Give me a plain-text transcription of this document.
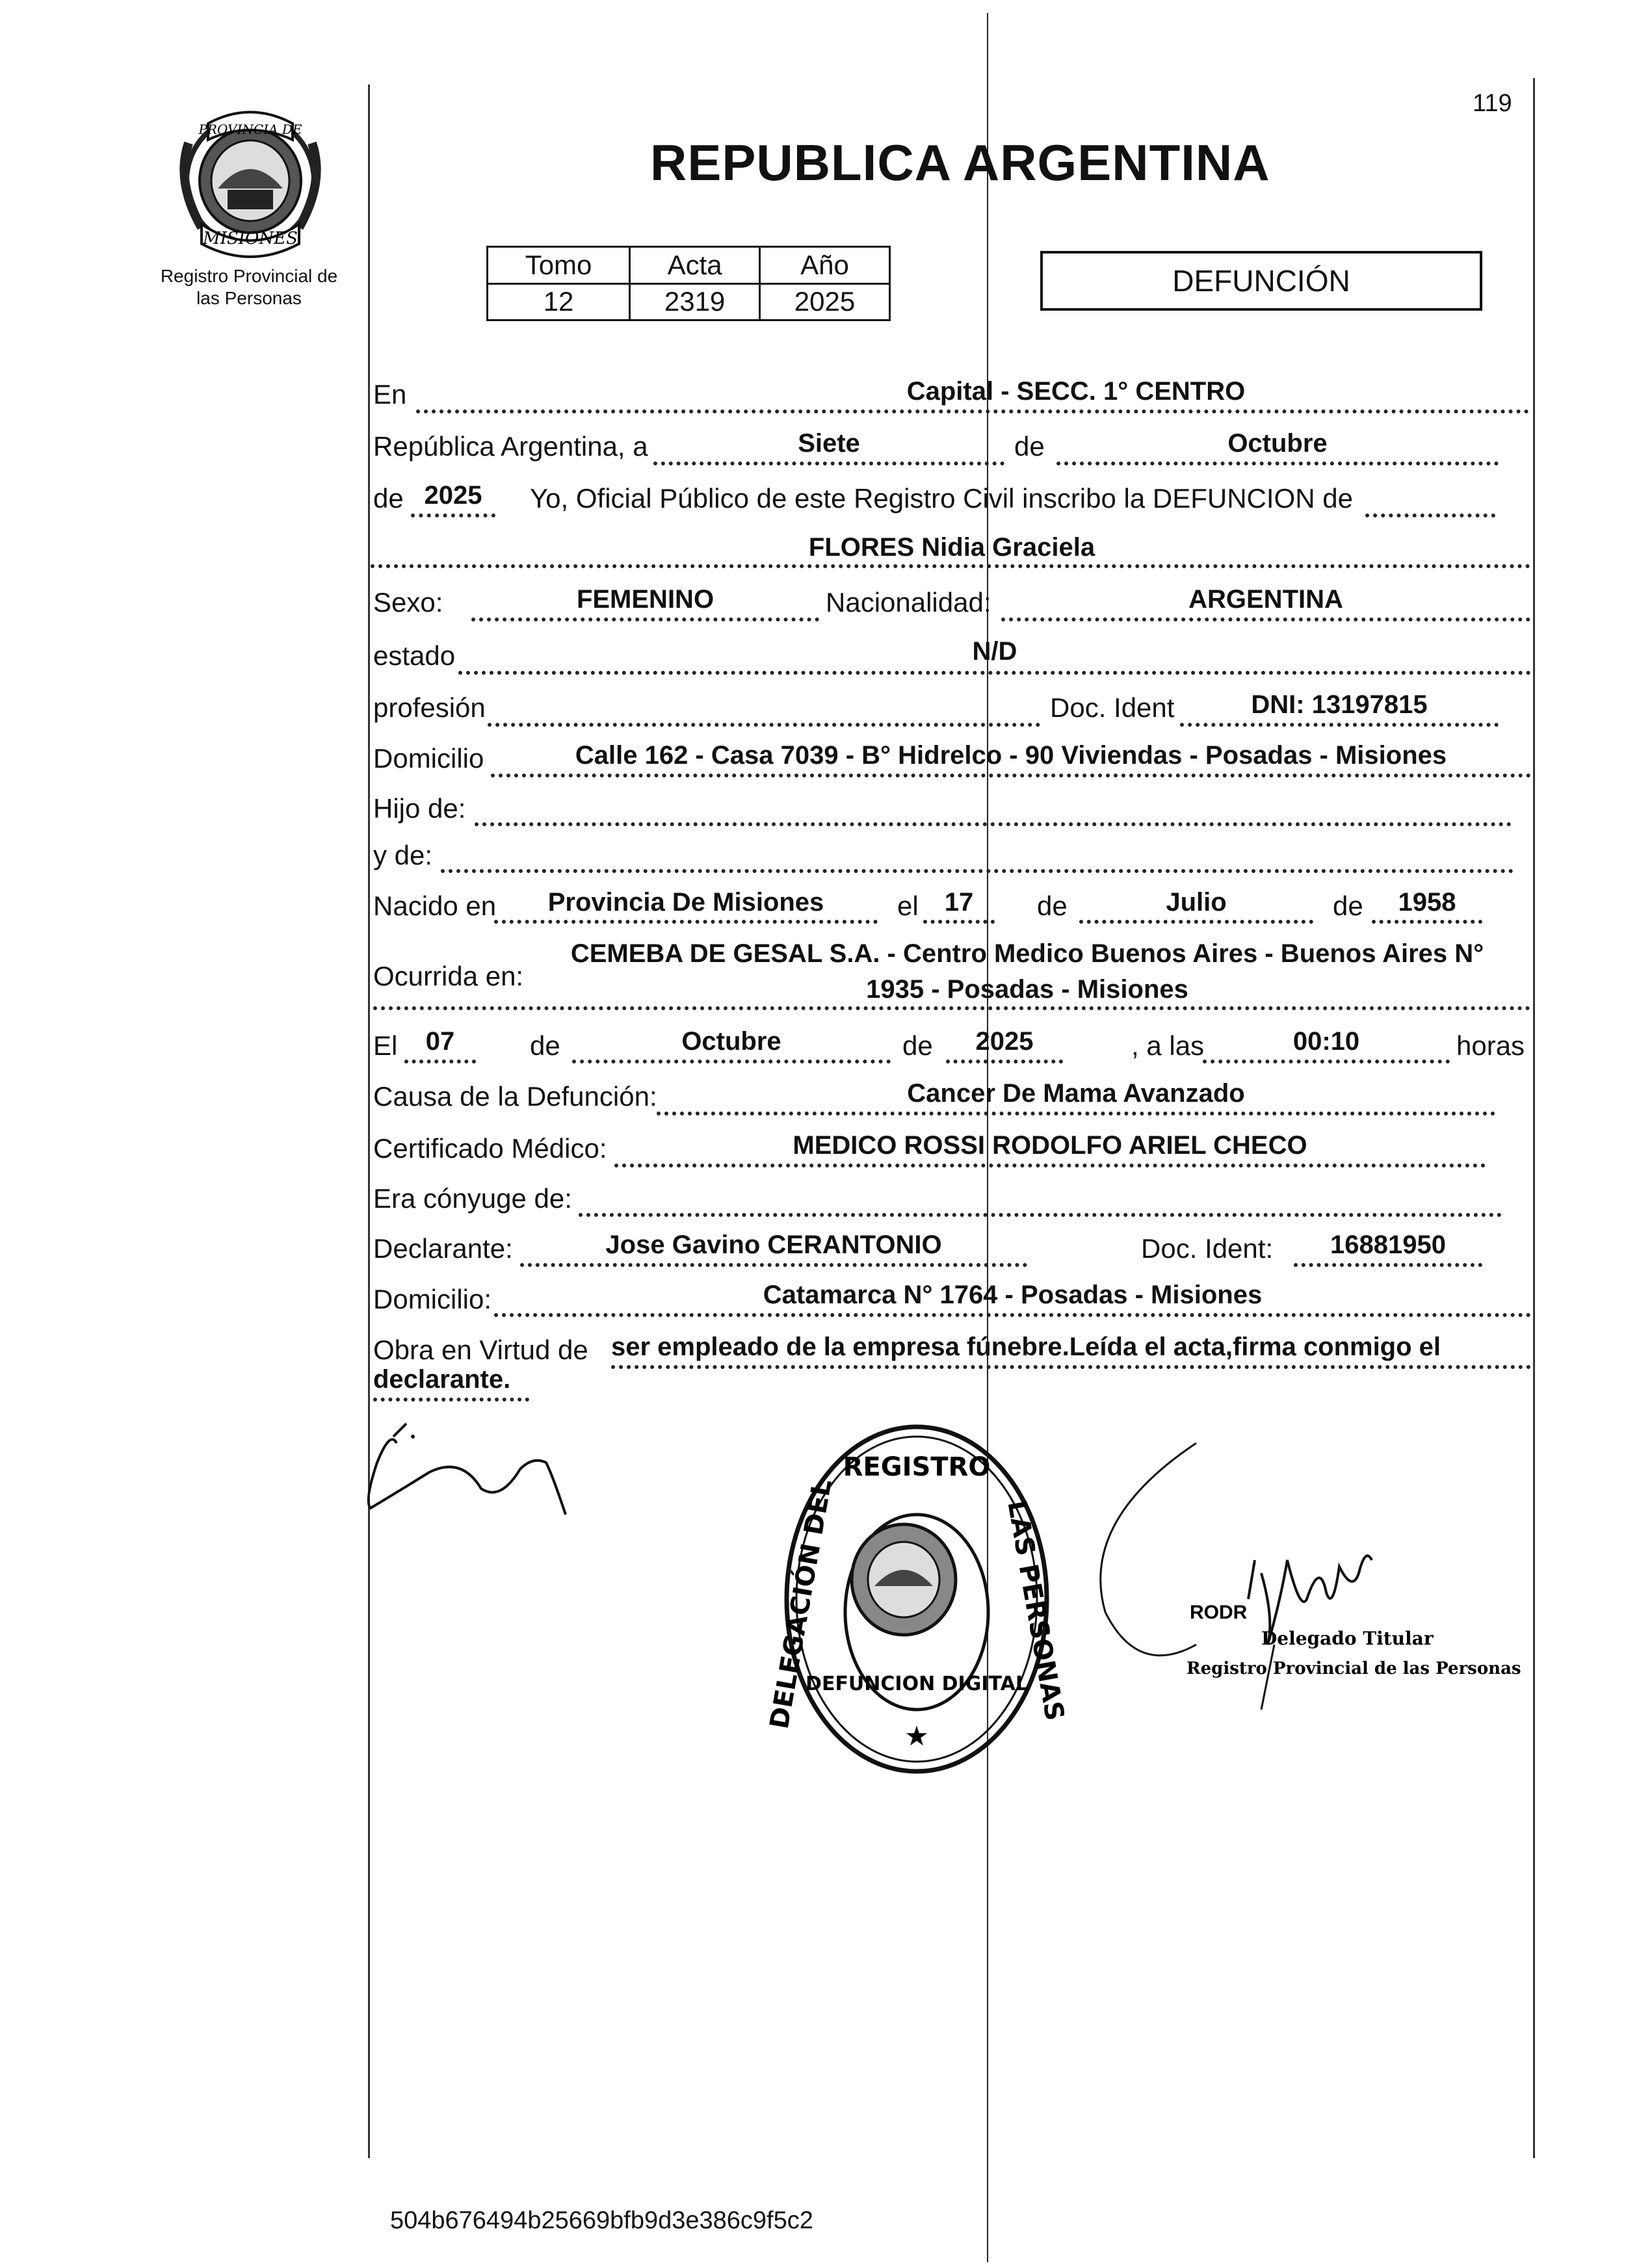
119
PROVINCIA DE
MISIONES
Registro Provincial de las Personas
REPUBLICA ARGENTINA
Tomo	Acta	Año
12	2319	2025
DEFUNCIÓN
En	Capital - SECC. 1° CENTRO
República Argentina, a	Siete	de	Octubre
de 2025	Yo, Oficial Público de este Registro Civil inscribo la DEFUNCION de
FLORES Nidia Graciela
Sexo:	FEMENINO	Nacionalidad:	ARGENTINA
estado	N/D
profesión	Doc. Ident	DNI: 13197815
Domicilio	Calle 162 - Casa 7039 - B° Hidrelco - 90 Viviendas - Posadas - Misiones
Hijo de:
y de:
Nacido en	Provincia De Misiones	el	17	de	Julio	de	1958
Ocurrida en:
CEMEBA DE GESAL S.A. - Centro Medico Buenos Aires - Buenos Aires N°
1935 - Posadas - Misiones
El	07	de	Octubre	de	2025	, a las	00:10	horas
Causa de la Defunción:	Cancer De Mama Avanzado
Certificado Médico:	MEDICO ROSSI RODOLFO ARIEL CHECO
Era cónyuge de:
Declarante:	Jose Gavino CERANTONIO	Doc. Ident:	16881950
Domicilio:	Catamarca N° 1764 - Posadas - Misiones
Obra en Virtud de ser empleado de la empresa fúnebre.Leída el acta,firma conmigo el
declarante.
REGISTRO
★
DELEGACIÓN DEL	LAS PERSONAS
DEFUNCION DIGITAL
RODR
Delegado Titular
Registro Provincial de las Personas
504b676494b25669bfb9d3e386c9f5c2
